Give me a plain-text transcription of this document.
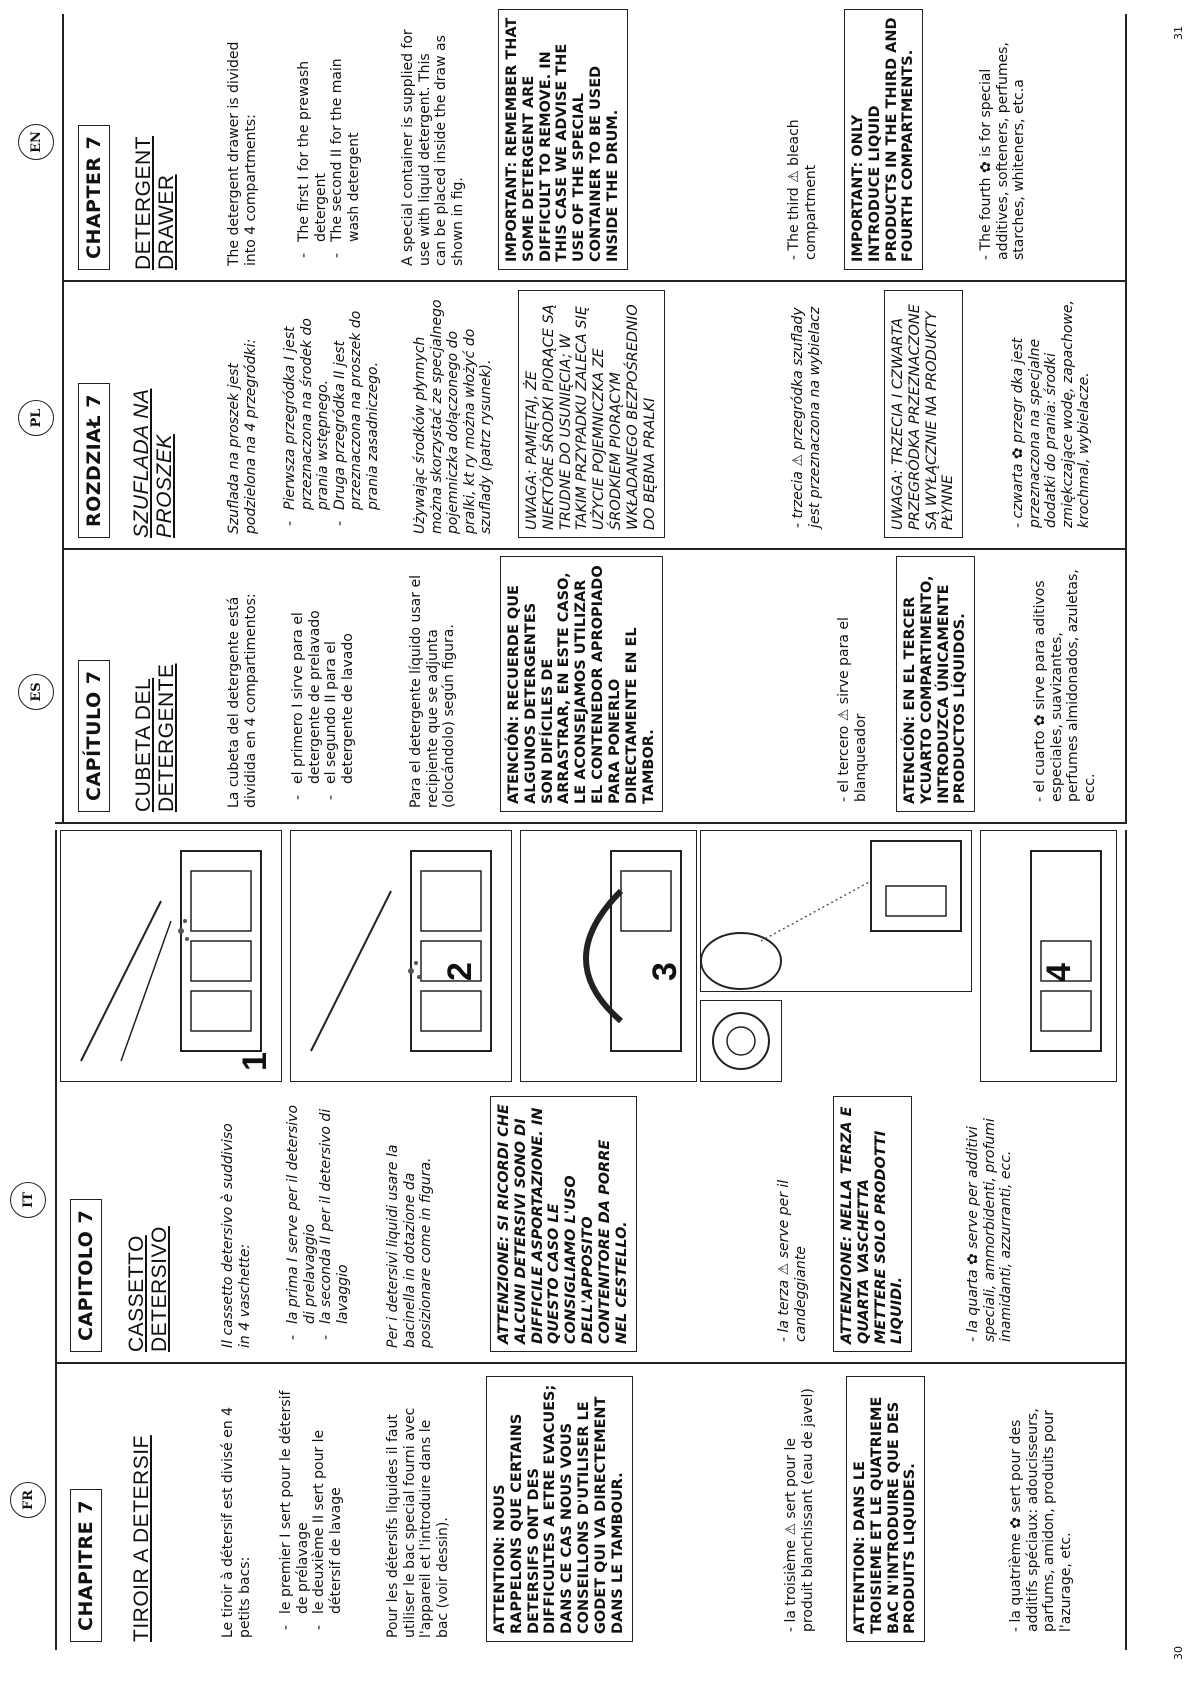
30
31
FR
CHAPITRE 7 TIROIR A DETERSIF	Le tiroir à détersif est divisé en 4 petits bacs: - le premier I sert pour le détersif de prélavage - le deuxième II sert pour le détersif de lavage	Pour les détersifs liquides il faut utiliser le bac special fourni avec l'appareil et l'introduire dans le bac (voir dessin).	ATTENTION: NOUS RAPPELONS QUE CERTAINS DETERSIFS ONT DES DIFFICULTES A ETRE EVACUES; DANS CE CAS NOUS VOUS CONSEILLONS D'UTILISER LE GODET QUI VA DIRECTEMENT DANS LE TAMBOUR.	- la troisième ⚠ sert pour le produit blanchissant (eau de javel)	ATTENTION: DANS LE TROISIEME ET LE QUATRIEME BAC N'INTRODUIRE QUE DES PRODUITS LIQUIDES.	- la quatrième ✿ sert pour des additifs spéciaux: adoucisseurs, parfums, amidon, produits pour l'azurage, etc.
IT
CAPITOLO 7 CASSETTO DETERSIVO	Il cassetto detersivo è suddiviso in 4 vaschette: - la prima I serve per il detersivo di prelavaggio - la seconda II per il detersivo di lavaggio Per i detersivi liquidi usare la bacinella in dotazione da posizionare come in figura.	ATTENZIONE: SI RICORDI CHE ALCUNI DETERSIVI SONO DI DIFFICILE ASPORTAZIONE. IN QUESTO CASO LE CONSIGLIAMO L'USO DELL'APPOSITO CONTENITORE DA PORRE NEL CESTELLO.	- la terza ⚠ serve per il candeggiante	ATTENZIONE: NELLA TERZA E QUARTA VASCHETTA METTERE SOLO PRODOTTI LIQUIDI.	- la quarta ✿ serve per additivi speciali, ammorbidenti, profumi inamidanti, azzurranti, ecc.
1
2	3	4
ES	CAPÍTULO 7 CUBETA DEL DETERGENTE	La cubeta del detergente está dividida en 4 compartimentos: - el primero I sirve para el detergente de prelavado - el segundo II para el detergente de lavado	Para el detergente líquido usar el recipiente que se adjunta (olocándolo) según figura.	ATENCIÓN: RECUERDE QUE ALGUNOS DETERGENTES SON DIFÍCILES DE ARRASTRAR, EN ESTE CASO, LE ACONSEJAMOS UTILIZAR EL CONTENEDOR APROPIADO PARA PONERLO DIRECTAMENTE EN EL TAMBOR.	- el tercero ⚠ sirve para el blanqueador	ATENCIÓN: EN EL TERCER YCUARTO COMPARTIMENTO, INTRODUZCA ÚNICAMENTE PRODUCTOS LÍQUIDOS.	- el cuarto ✿ sirve para aditivos especiales, suavizantes, perfumes almidonados, azuletas, ecc.
PL	ROZDZIAŁ 7 SZUFLADA NA PROSZEK	Szuflada na proszek jest podzielona na 4 przegródki: - Pierwsza przegródka I jest przeznaczona na środek do prania wstępnego. - Druga przegródka II jest przeznaczona na proszek do prania zasadniczego. Używając środków płynnych można skorzystać ze specjalnego pojemniczka dołączonego do pralki, kt ry można włożyć do szuflady (patrz rysunek).	UWAGA: PAMIĘTAJ, ŻE NIEKTÓRE ŚRODKI PIORĄCE SĄ TRUDNE DO USUNIĘCIA; W TAKIM PRZYPADKU ZALECA SIĘ UŻYCIE POJEMNICZKA ZE ŚRODKIEM PIORĄCYM WKŁADANEGO BEZPOŚREDNIO DO BĘBNA PRALKI	- trzecia ⚠ przegródka szuflady jest przeznaczona na wybielacz	UWAGA: TRZECIA I CZWARTA PRZEGRÓDKA PRZEZNACZONE SĄ WYŁĄCZNIE NA PRODUKTY PŁYNNE	- czwarta ✿ przegr dka jest przeznaczona na specjalne dodatki do prania: środki zmiękczające wodę, zapachowe, krochmal, wybielacze.
EN	CHAPTER 7 DETERGENT DRAWER	The detergent drawer is divided into 4 compartments:	- The first I for the prewash detergent - The second II for the main wash detergent	A special container is supplied for use with liquid detergent. This can be placed inside the draw as shown in fig.	IMPORTANT: REMEMBER THAT SOME DETERGENT ARE DIFFICULT TO REMOVE. IN THIS CASE WE ADVISE THE USE OF THE SPECIAL CONTAINER TO BE USED INSIDE THE DRUM.	- The third ⚠ bleach compartment	IMPORTANT: ONLY INTRODUCE LIQUID PRODUCTS IN THE THIRD AND FOURTH COMPARTMENTS.	- The fourth ✿ is for special additives, softeners, perfumes, starches, whiteners, etc.a
